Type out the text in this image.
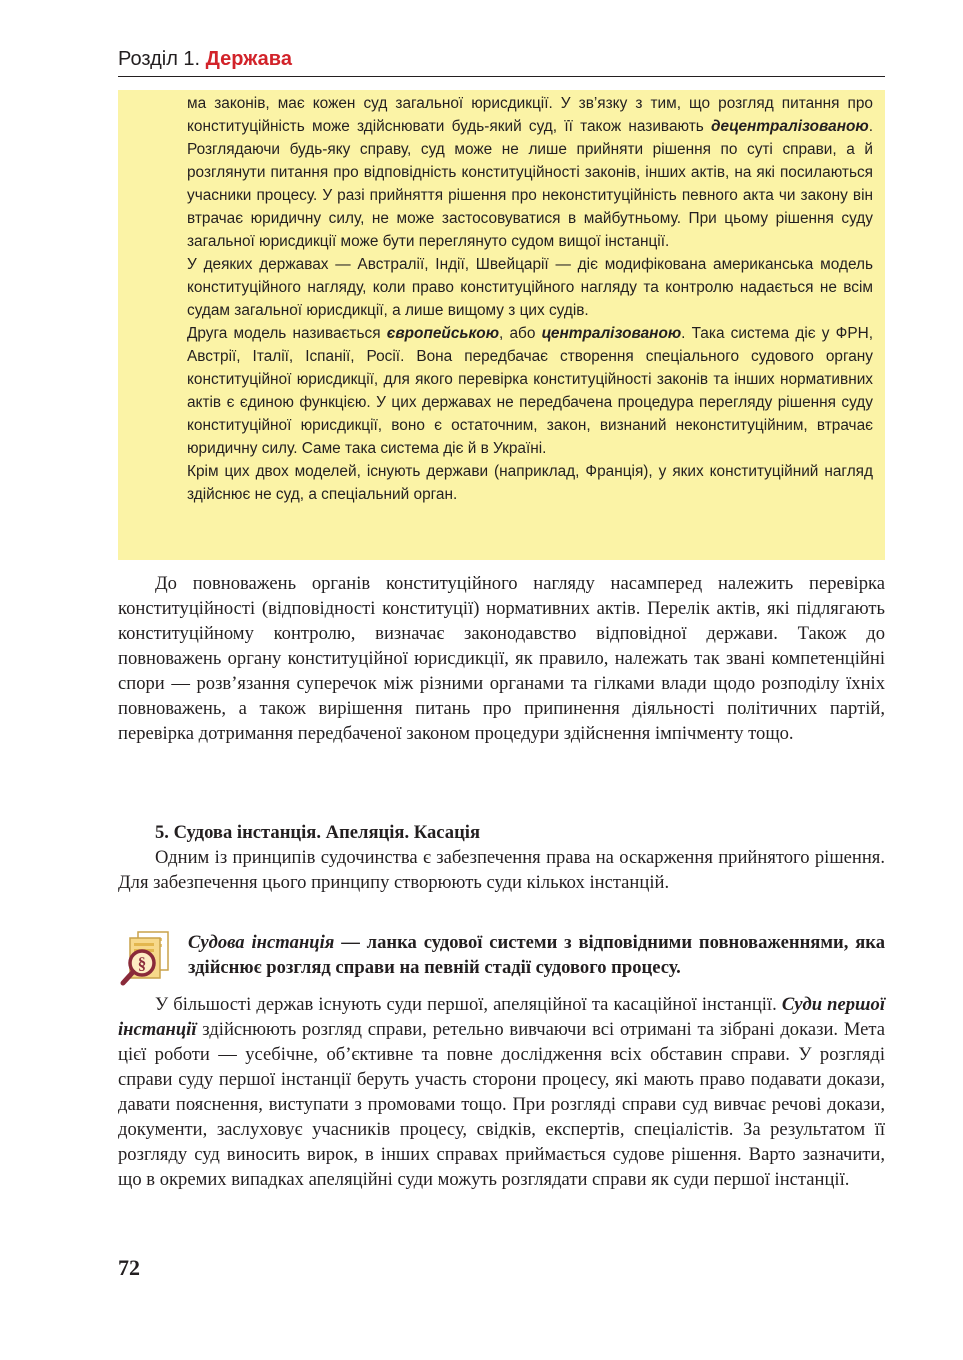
Розділ 1. Держава

ма законів, має кожен суд загальної юрисдикції. У зв’язку з тим, що розгляд питання про конституційність може здійснювати будь-який суд, її також називають децентралізованою. Розглядаючи будь-яку справу, суд може не лише прийняти рішення по суті справи, а й розглянути питання про відповідність конституційності законів, інших актів, на які посилаються учасники процесу. У разі прийняття рішення про неконституційність певного акта чи закону він втрачає юридичну силу, не може застосовуватися в майбутньому. При цьому рішення суду загальної юрисдикції може бути переглянуто судом вищої інстанції.

У деяких державах — Австралії, Індії, Швейцарії — діє модифікована американська модель конституційного нагляду, коли право конституційного нагляду та контролю надається не всім судам загальної юрисдикції, а лише вищому з цих судів.

Друга модель називається європейською, або централізованою. Така система діє у ФРН, Австрії, Італії, Іспанії, Росії. Вона передбачає створення спеціального судового органу конституційної юрисдикції, для якого перевірка конституційності законів та інших нормативних актів є єдиною функцією. У цих державах не передбачена процедура перегляду рішення суду конституційної юрисдикції, воно є остаточним, закон, визнаний неконституційним, втрачає юридичну силу. Саме така система діє й в Україні.

Крім цих двох моделей, існують держави (наприклад, Франція), у яких конституційний нагляд здійснює не суд, а спеціальний орган.

До повноважень органів конституційного нагляду насамперед належить перевірка конституційності (відповідності конституції) нормативних актів. Перелік актів, які підлягають конституційному контролю, визначає законодавство відповідної держави. Також до повноважень органу конституційної юрисдикції, як правило, належать так звані компетенційні спори — розв’язання суперечок між різними органами та гілками влади щодо розподілу їхніх повноважень, а також вирішення питань про припинення діяльності політичних партій, перевірка дотримання передбаченої законом процедури здійснення імпічменту тощо.

5. Судова інстанція. Апеляція. Касація

Одним із принципів судочинства є забезпечення права на оскарження прийнятого рішення. Для забезпечення цього принципу створюють суди кількох інстанцій.

§
Судова інстанція — ланка судової системи з відповідними повноваженнями, яка здійснює розгляд справи на певній стадії судового процесу.

У більшості держав існують суди першої, апеляційної та касаційної інстанції. Суди першої інстанції здійснюють розгляд справи, ретельно вивчаючи всі отримані та зібрані докази. Мета цієї роботи — усебічне, об’єктивне та повне дослідження всіх обставин справи. У розгляді справи суду першої інстанції беруть участь сторони процесу, які мають право подавати докази, давати пояснення, виступати з промовами тощо. При розгляді справи суд вивчає речові докази, документи, заслуховує учасників процесу, свідків, експертів, спеціалістів. За результатом її розгляду суд виносить вирок, в інших справах приймається судове рішення. Варто зазначити, що в окремих випадках апеляційні суди можуть розглядати справи як суди першої інстанції.

72
